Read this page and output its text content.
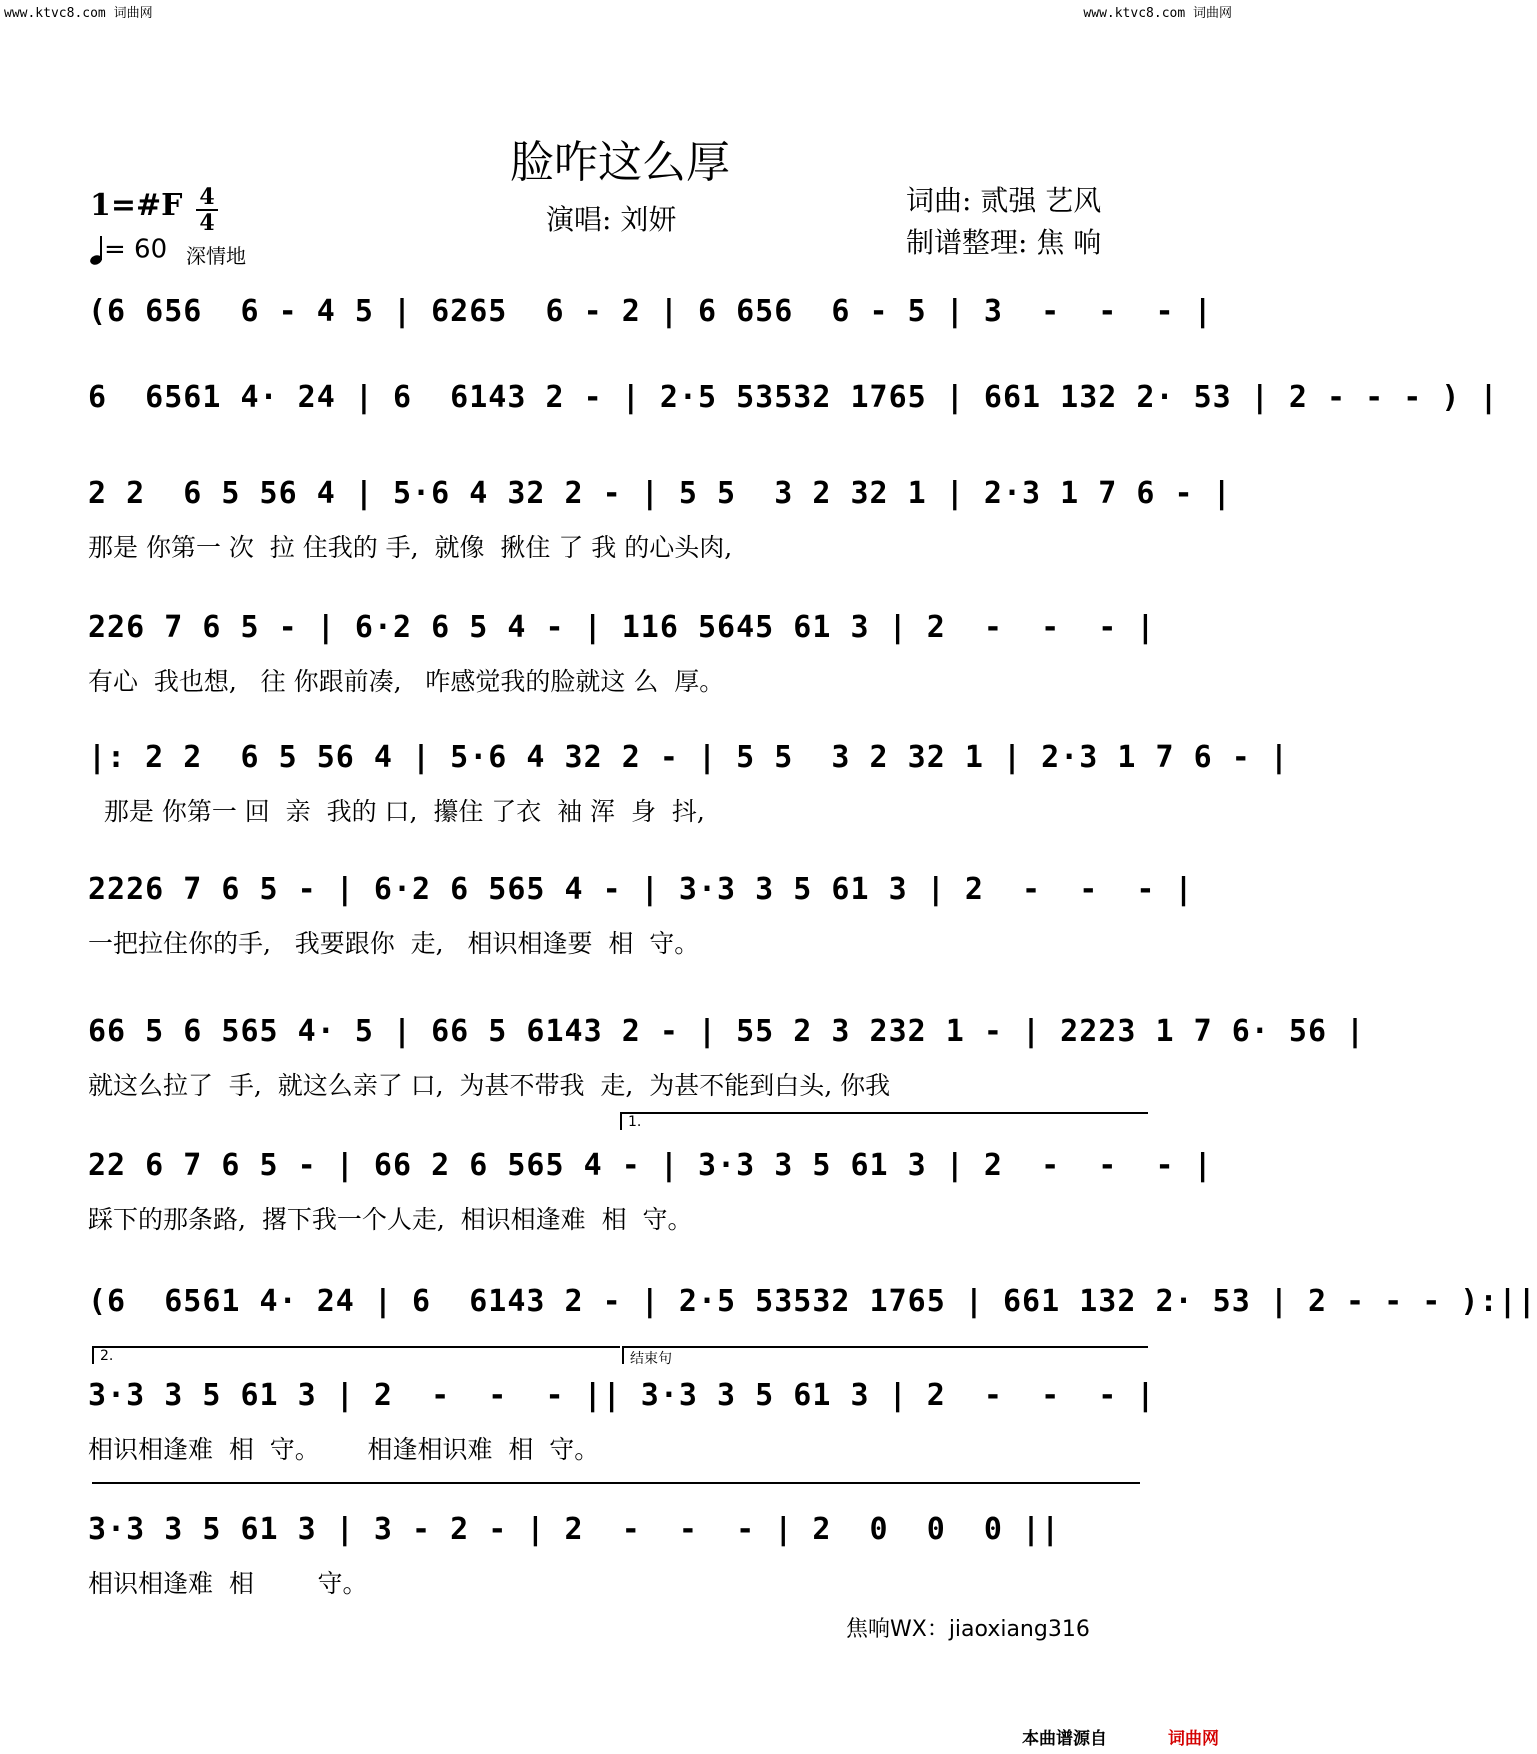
www.ktvc8.com 词曲网	www.ktvc8.com 词曲网
脸咋这么厚
1=#F 4
4
= 60 深情地
演唱: 刘妍
词曲: 贰强 艺风
制谱整理: 焦 响
(6 656  6 - 4 5 | 6265  6 - 2 | 6 656  6 - 5 | 3  -  -  - |
6  6561 4· 24 | 6  6143 2 - | 2·5 53532 1765 | 661 132 2· 53 | 2 - - - ) |
2 2  6 5 56 4 | 5·6 4 32 2 - | 5 5  3 2 32 1 | 2·3 1 7 6 - |
那是 你第一 次  拉 住我的 手,  就像  揪住 了 我 的心头肉,
226 7 6 5 - | 6·2 6 5 4 - | 116 5645 61 3 | 2  -  -  - |
有心  我也想,   往 你跟前凑,   咋感觉我的脸就这 么  厚。
|: 2 2  6 5 56 4 | 5·6 4 32 2 - | 5 5  3 2 32 1 | 2·3 1 7 6 - |
那是 你第一 回  亲  我的 口,  攥住 了衣  袖 浑  身  抖,
2226 7 6 5 - | 6·2 6 565 4 - | 3·3 3 5 61 3 | 2  -  -  - |
一把拉住你的手,   我要跟你  走,   相识相逢要  相  守。
66 5 6 565 4· 5 | 66 5 6143 2 - | 55 2 3 232 1 - | 2223 1 7 6· 56 |
就这么拉了  手,  就这么亲了 口,  为甚不带我  走,  为甚不能到白头, 你我
1.
22 6 7 6 5 - | 66 2 6 565 4 - | 3·3 3 5 61 3 | 2  -  -  - |
踩下的那条路,  撂下我一个人走,  相识相逢难  相  守。
(6  6561 4· 24 | 6  6143 2 - | 2·5 53532 1765 | 661 132 2· 53 | 2 - - - ):||
2.	结束句
3·3 3 5 61 3 | 2  -  -  - || 3·3 3 5 61 3 | 2  -  -  - |
相识相逢难  相  守。      相逢相识难  相  守。
3·3 3 5 61 3 | 3 - 2 - | 2  -  -  - | 2  0  0  0 ||
相识相逢难  相        守。
焦响WX：jiaoxiang316
本曲谱源自	词曲网
